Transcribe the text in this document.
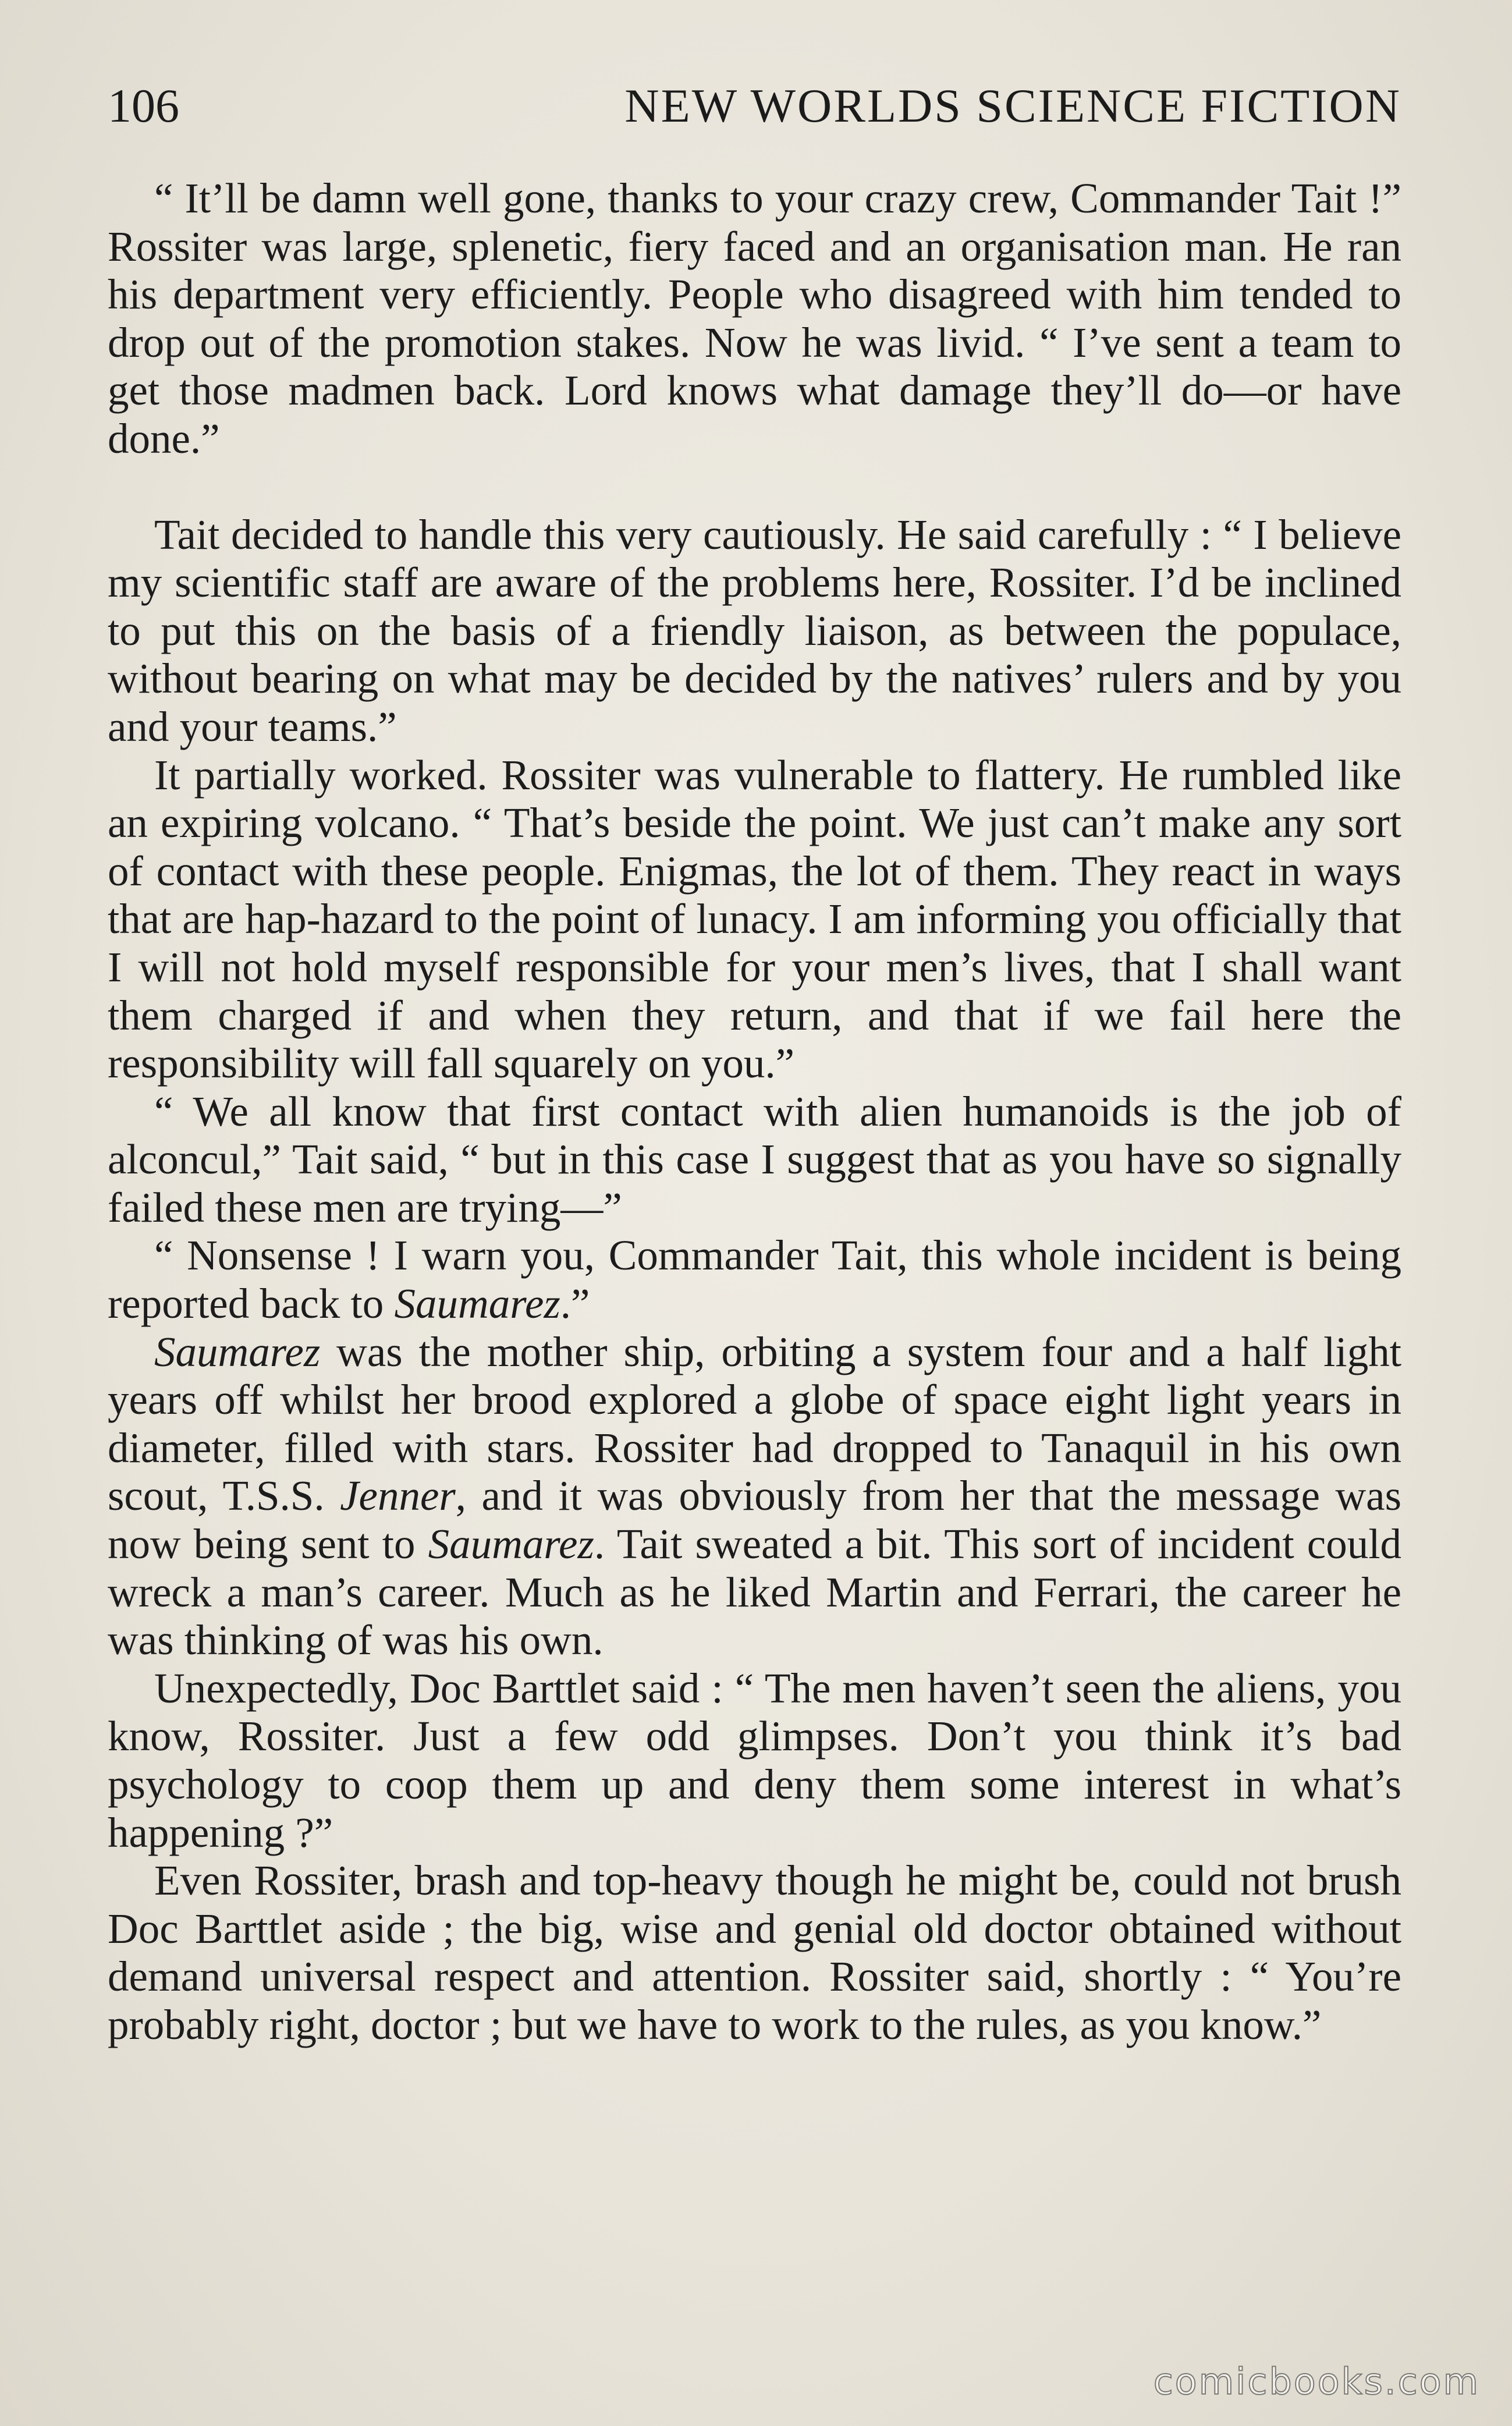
106	NEW WORLDS SCIENCE FICTION

“ It’ll be damn well gone, thanks to your crazy crew, Commander Tait !” Rossiter was large, splenetic, fiery faced and an organisation man. He ran his department very efficiently. People who disagreed with him tended to drop out of the promotion stakes. Now he was livid. “ I’ve sent a team to get those madmen back. Lord knows what damage they’ll do—or have done.”

Tait decided to handle this very cautiously. He said carefully : “ I believe my scientific staff are aware of the problems here, Rossiter. I’d be inclined to put this on the basis of a friendly liaison, as between the populace, without bearing on what may be decided by the natives’ rulers and by you and your teams.”

It partially worked. Rossiter was vulnerable to flattery. He rumbled like an expiring volcano. “ That’s beside the point. We just can’t make any sort of contact with these people. Enigmas, the lot of them. They react in ways that are hap-hazard to the point of lunacy. I am informing you officially that I will not hold myself responsible for your men’s lives, that I shall want them charged if and when they return, and that if we fail here the responsibility will fall squarely on you.”

“ We all know that first contact with alien humanoids is the job of alconcul,” Tait said, “ but in this case I suggest that as you have so signally failed these men are trying—”

“ Nonsense ! I warn you, Commander Tait, this whole incident is being reported back to Saumarez.”

Saumarez was the mother ship, orbiting a system four and a half light years off whilst her brood explored a globe of space eight light years in diameter, filled with stars. Rossiter had dropped to Tanaquil in his own scout, T.S.S. Jenner, and it was obviously from her that the message was now being sent to Saumarez. Tait sweated a bit. This sort of incident could wreck a man’s career. Much as he liked Martin and Ferrari, the career he was thinking of was his own.

Unexpectedly, Doc Barttlet said : “ The men haven’t seen the aliens, you know, Rossiter. Just a few odd glimpses. Don’t you think it’s bad psychology to coop them up and deny them some interest in what’s happening ?”

Even Rossiter, brash and top-heavy though he might be, could not brush Doc Barttlet aside ; the big, wise and genial old doctor obtained without demand universal respect and attention. Rossiter said, shortly : “ You’re probably right, doctor ; but we have to work to the rules, as you know.”

comicbooks.com
